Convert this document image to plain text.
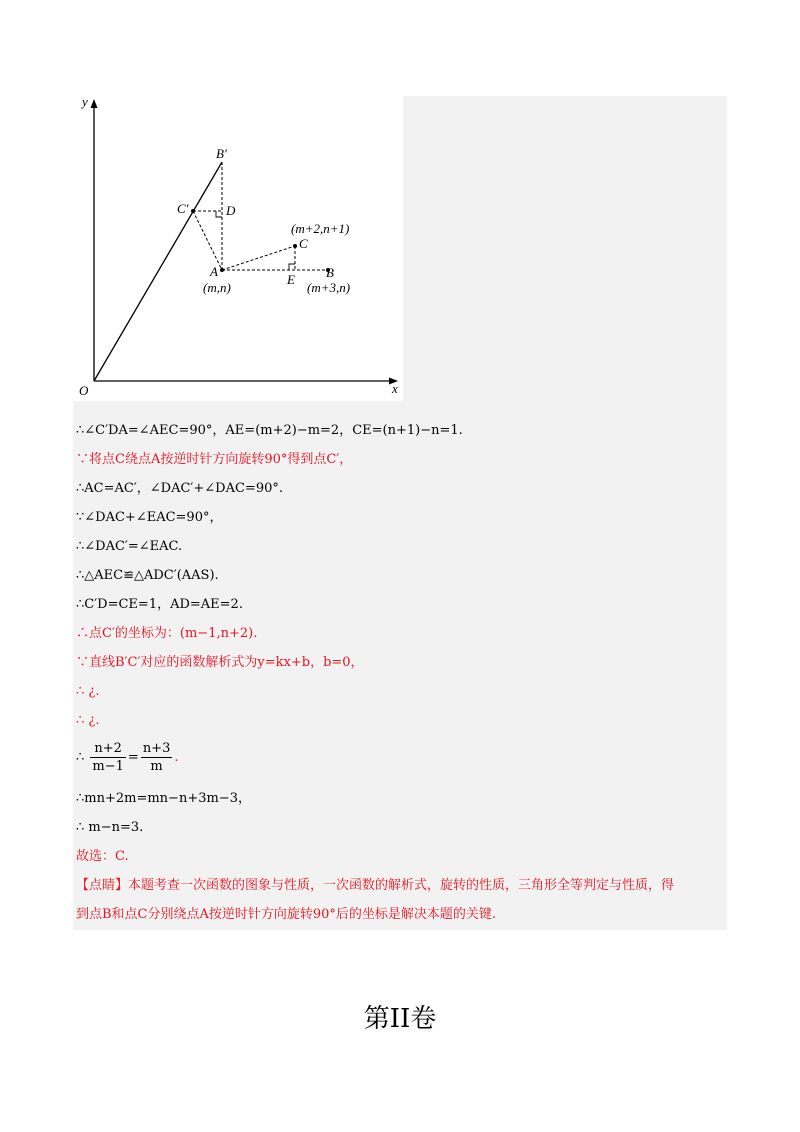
y
x
O
B′
C′	D
A
(m,n)
C
(m+2,n+1)
E B
(m+3,n)
∴∠C′DA=∠AEC=90°，AE=(m+2)−m=2，CE=(n+1)−n=1.
∵将点C绕点A按逆时针方向旋转90°得到点C′，
∴AC=AC′，∠DAC′+∠DAC=90°.
∵∠DAC+∠EAC=90°，
∴∠DAC′=∠EAC.
∴△AEC≌△ADC′(AAS).
∴C′D=CE=1，AD=AE=2.
∴点C′的坐标为：(m−1,n+2).
∵直线B′C′对应的函数解析式为y=kx+b，b=0，
∴ ¿.
∴ ¿.
∴ $\frac{n+2}{m-1} = \frac{n+3}{m}$ .
∴mn+2m=mn−n+3m−3，
∴ m−n=3.
故选：C.
【点睛】本题考查一次函数的图象与性质，一次函数的解析式，旋转的性质，三角形全等判定与性质，得
到点B和点C分别绕点A按逆时针方向旋转90°后的坐标是解决本题的关键.
第II卷
